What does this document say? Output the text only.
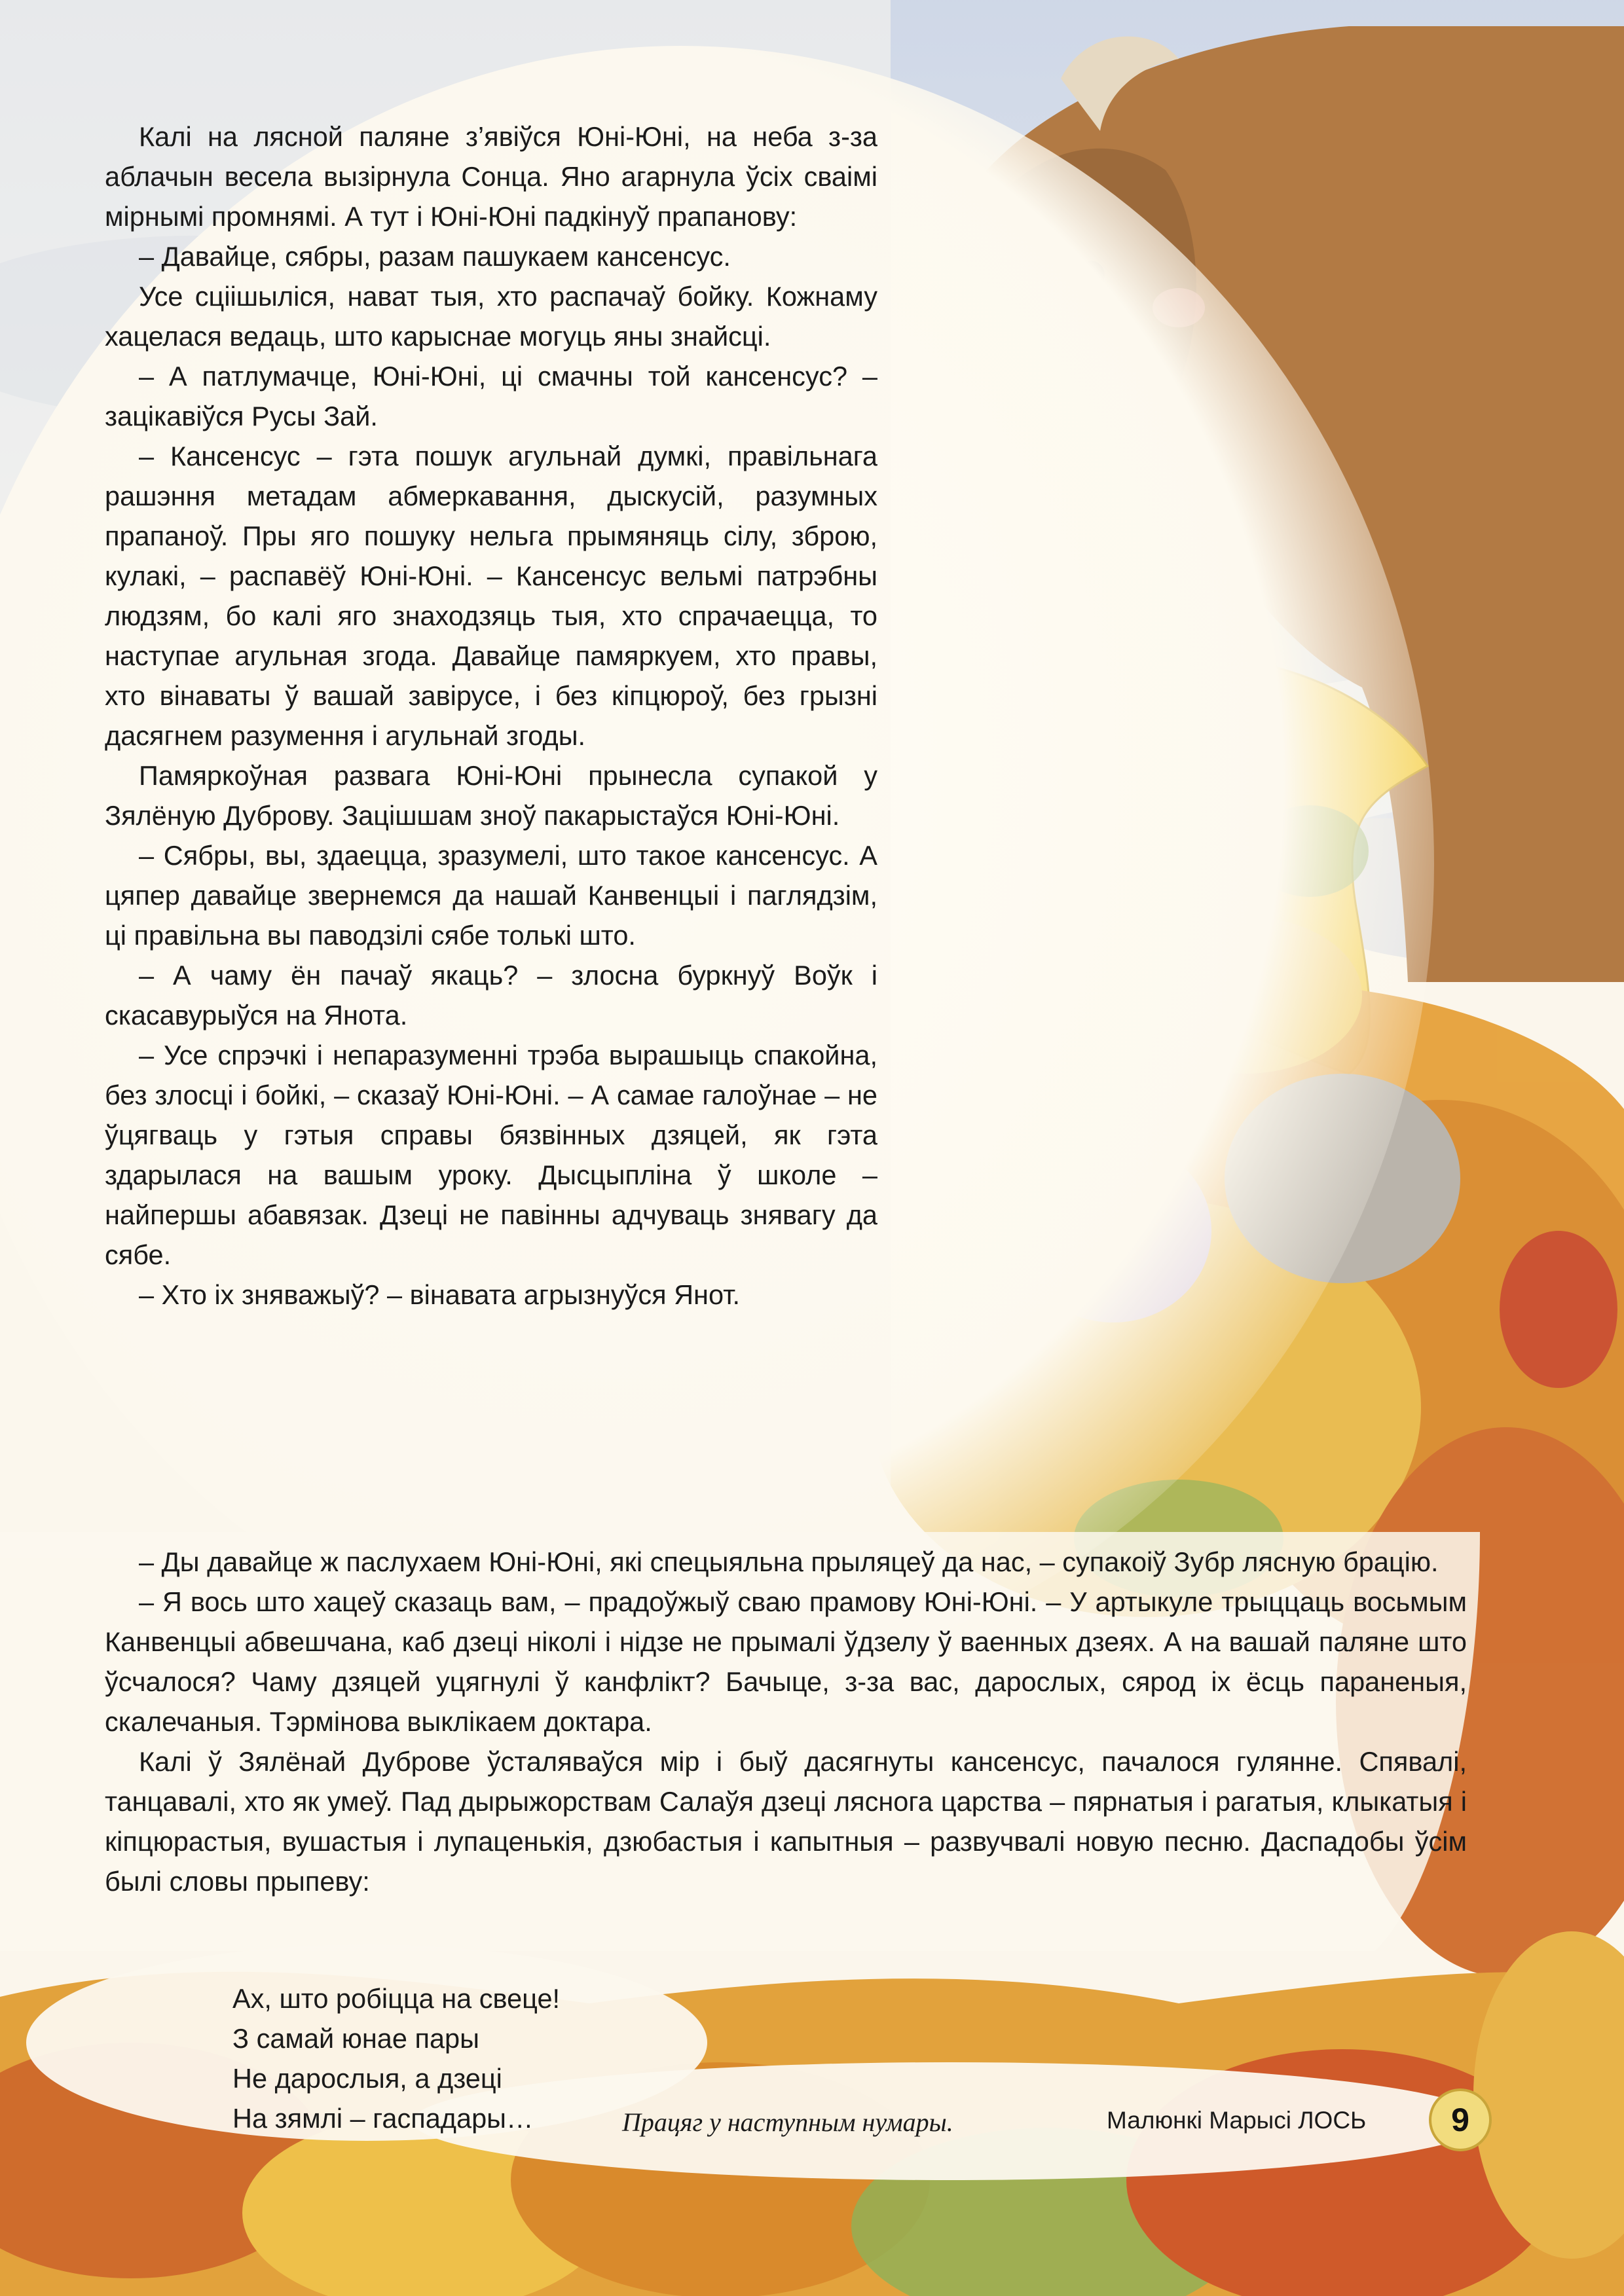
Калі на лясной паляне з’явіўся Юні-Юні, на неба з-за аблачын весела вызірнула Сонца. Яно агарнула ўсіх сваімі мірнымі промнямі. А тут і Юні-Юні падкінуў прапанову:

– Давайце, сябры, разам пашукаем кансенсус.

Усе сціішыліся, нават тыя, хто распачаў бойку. Кожнаму хацелася ведаць, што карыснае могуць яны знайсці.

– А патлумачце, Юні-Юні, ці смачны той кансенсус? – зацікавіўся Русы Зай.

– Кансенсус – гэта пошук агульнай думкі, правільнага рашэння метадам абмеркавання, дыскусій, разумных прапаноў. Пры яго пошуку нельга прымяняць сілу, зброю, кулакі, – распавёў Юні-Юні. – Кансенсус вельмі патрэбны людзям, бо калі яго знаходзяць тыя, хто спрачаецца, то наступае агульная згода. Давайце памяркуем, хто правы, хто вінаваты ў вашай завірусе, і без кіпцюроў, без грызні дасягнем разумення і агульнай згоды.

Памяркоўная развага Юні-Юні прынесла супакой у Зялёную Дуброву. Зацішшам зноў пакарыстаўся Юні-Юні.

– Сябры, вы, здаецца, зразумелі, што такое кансенсус. А цяпер давайце звернемся да нашай Канвенцыі і паглядзім, ці правільна вы паводзілі сябе толькі што.

– А чаму ён пачаў якаць? – злосна буркнуў Воўк і скасавурыўся на Янота.

– Усе спрэчкі і непаразуменні трэба вырашыць спакойна, без злосці і бойкі, – сказаў Юні-Юні. – А самае галоўнае – не ўцягваць у гэтыя справы бязвінных дзяцей, як гэта здарылася на вашым уроку. Дысцыпліна ў школе – найпершы абавязак. Дзеці не павінны адчуваць знявагу да сябе.

– Хто іх зняважыў? – вінавата агрызнуўся Янот.

– Ды давайце ж паслухаем Юні-Юні, які спецыяльна прыляцеў да нас, – супакоіў Зубр лясную брацію.

– Я вось што хацеў сказаць вам, – прадоўжыў сваю прамову Юні-Юні. – У артыкуле трыццаць восьмым Канвенцыі абвешчана, каб дзеці ніколі і нідзе не прымалі ўдзелу ў ваенных дзеях. А на вашай паляне што ўсчалося? Чаму дзяцей уцягнулі ў канфлікт? Бачыце, з-за вас, дарослых, сярод іх ёсць параненыя, скалечаныя. Тэрмінова выклікаем доктара.

Калі ў Зялёнай Дуброве ўсталяваўся мір і быў дасягнуты кансенсус, пачалося гулянне. Спявалі, танцавалі, хто як умеў. Пад дырыжорствам Салаўя дзеці ляснога царства – пярнатыя і рагатыя, клыкатыя і кіпцюрастыя, вушастыя і лупаценькія, дзюбастыя і капытныя – развучвалі новую песню. Даспадобы ўсім былі словы прыпеву:

Ах, што робіцца на свеце!
З самай юнае пары
Не дарослыя, а дзеці
На зямлі – гаспадары…	Працяг у наступным нумары.	Малюнкі Марысі ЛОСЬ	9
